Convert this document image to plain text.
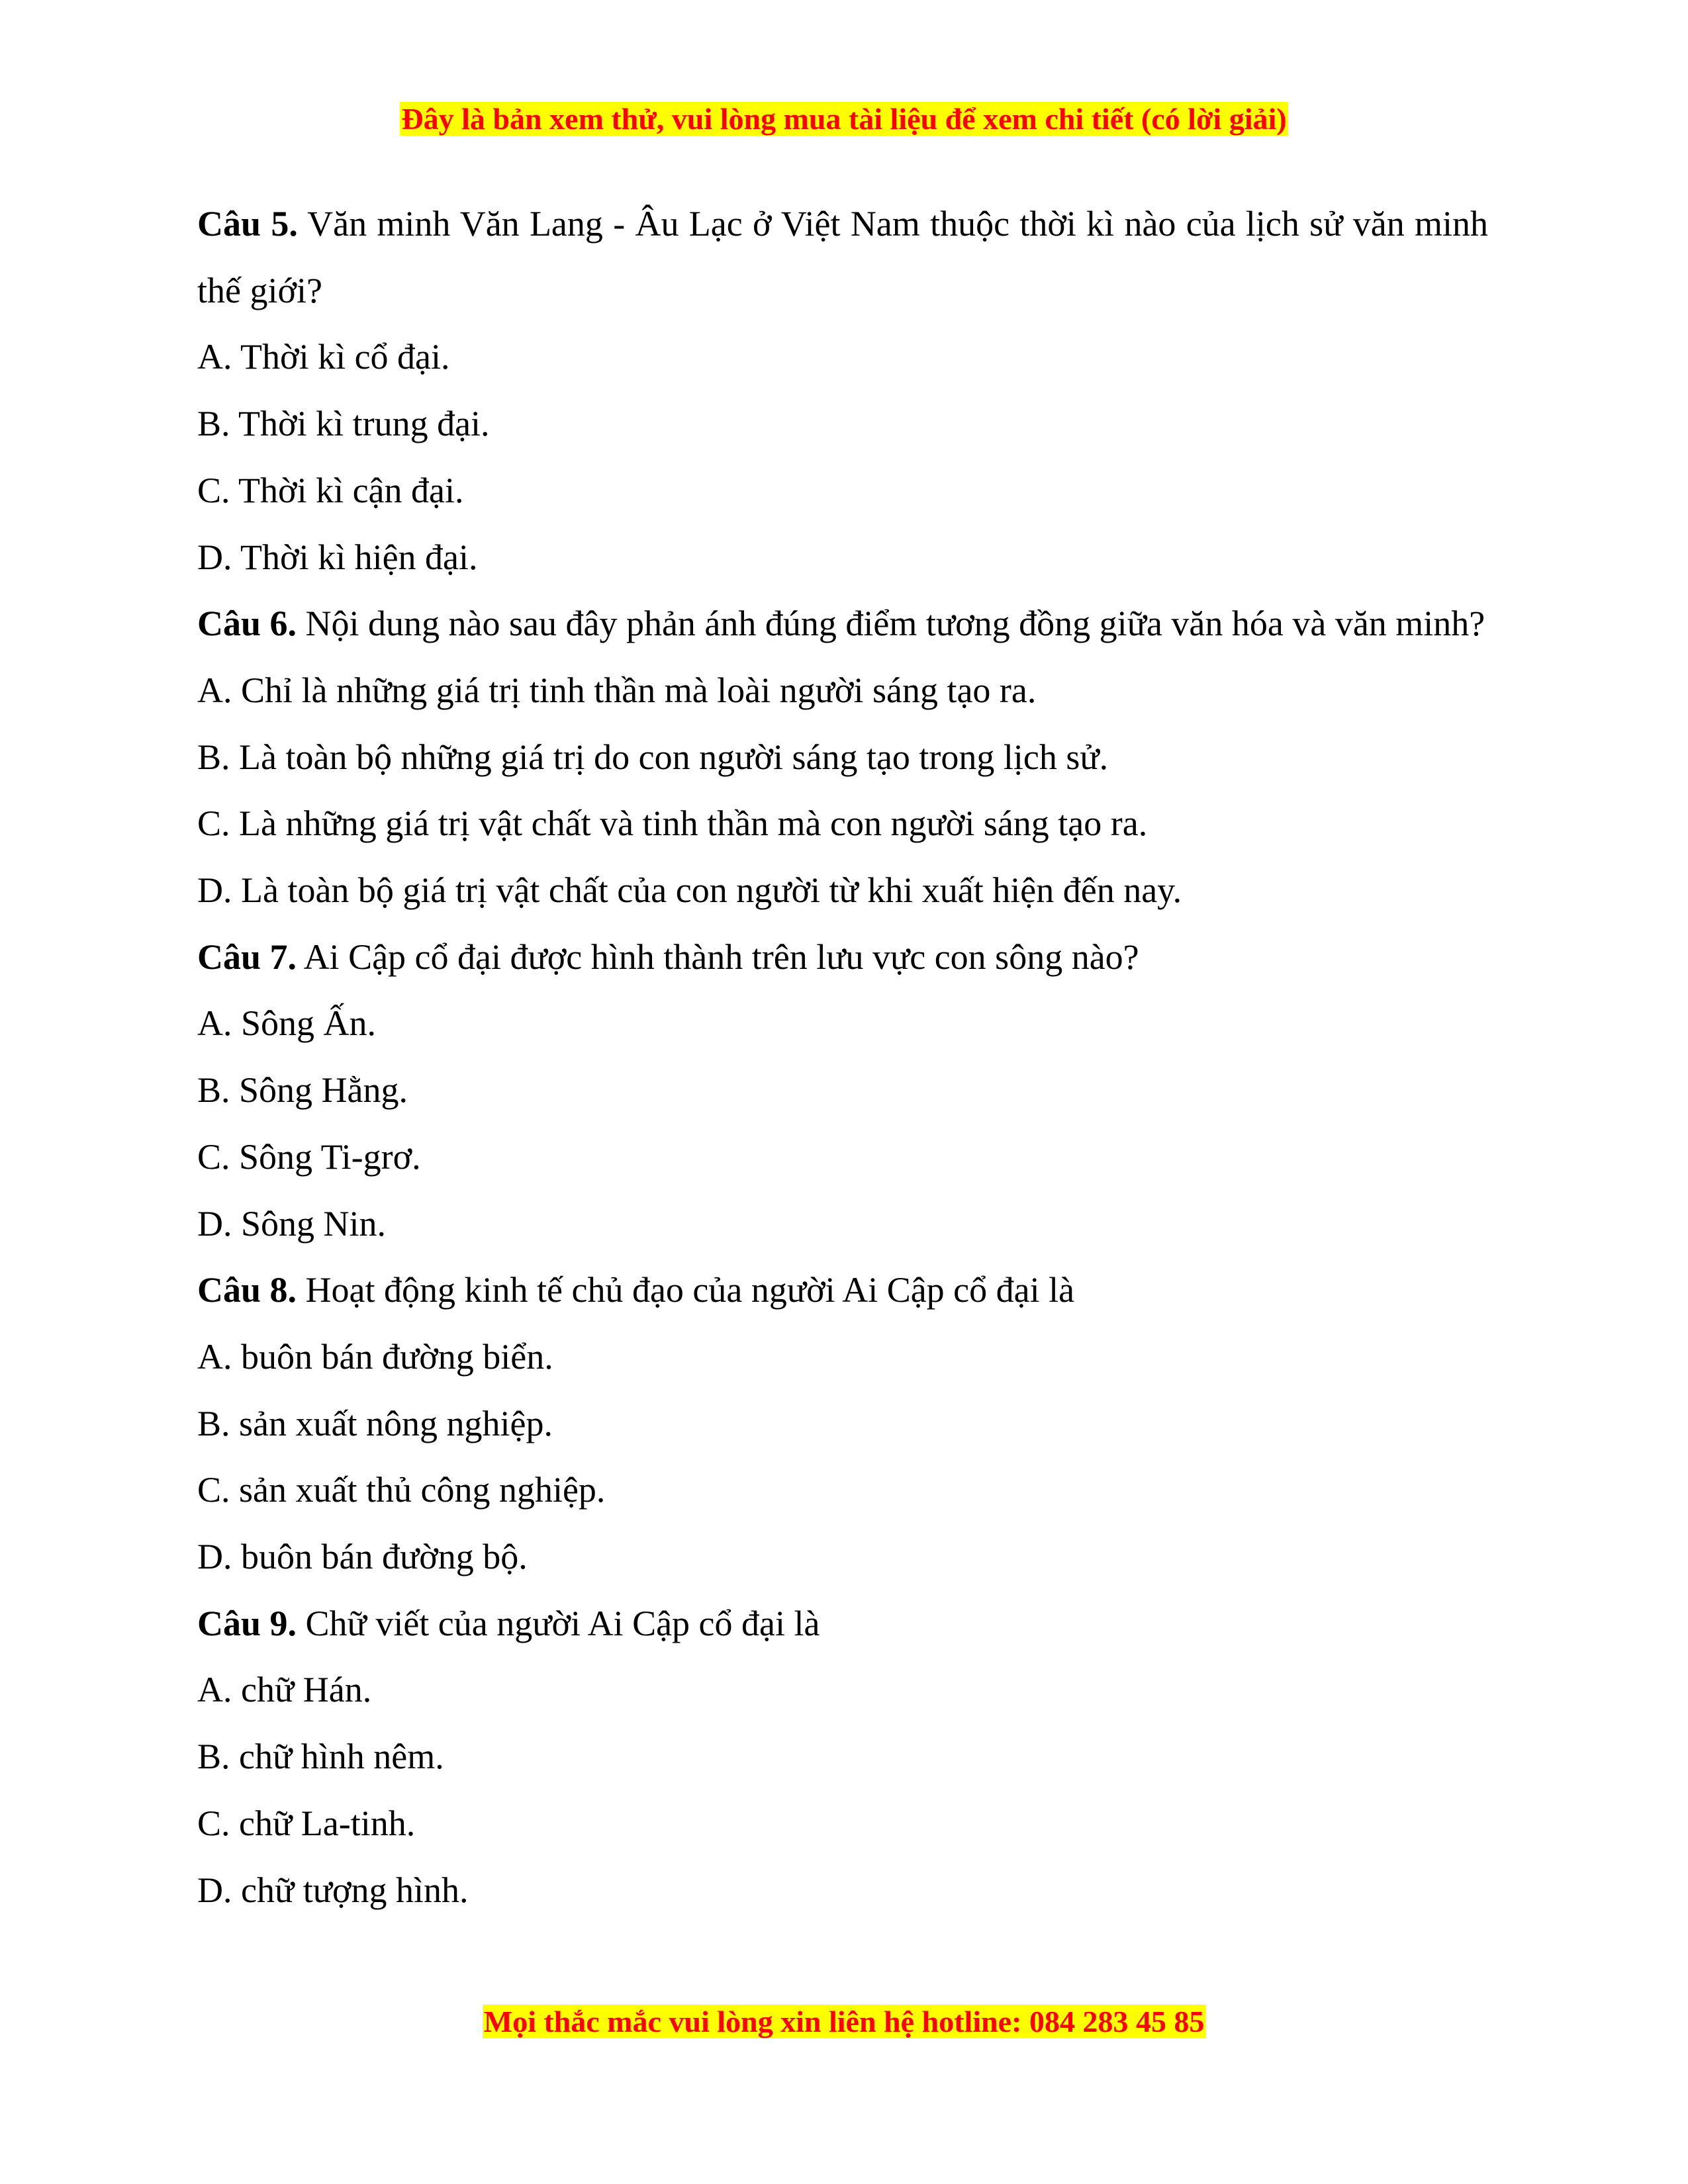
Đây là bản xem thử, vui lòng mua tài liệu để xem chi tiết (có lời giải)
Câu 5. Văn minh Văn Lang - Âu Lạc ở Việt Nam thuộc thời kì nào của lịch sử văn minh thế giới?
A. Thời kì cổ đại.
B. Thời kì trung đại.
C. Thời kì cận đại.
D. Thời kì hiện đại.
Câu 6. Nội dung nào sau đây phản ánh đúng điểm tương đồng giữa văn hóa và văn minh?
A. Chỉ là những giá trị tinh thần mà loài người sáng tạo ra.
B. Là toàn bộ những giá trị do con người sáng tạo trong lịch sử.
C. Là những giá trị vật chất và tinh thần mà con người sáng tạo ra.
D. Là toàn bộ giá trị vật chất của con người từ khi xuất hiện đến nay.
Câu 7. Ai Cập cổ đại được hình thành trên lưu vực con sông nào?
A. Sông Ấn.
B. Sông Hằng.
C. Sông Ti-grơ.
D. Sông Nin.
Câu 8. Hoạt động kinh tế chủ đạo của người Ai Cập cổ đại là
A. buôn bán đường biển.
B. sản xuất nông nghiệp.
C. sản xuất thủ công nghiệp.
D. buôn bán đường bộ.
Câu 9. Chữ viết của người Ai Cập cổ đại là
A. chữ Hán.
B. chữ hình nêm.
C. chữ La-tinh.
D. chữ tượng hình.
Mọi thắc mắc vui lòng xin liên hệ hotline: 084 283 45 85
